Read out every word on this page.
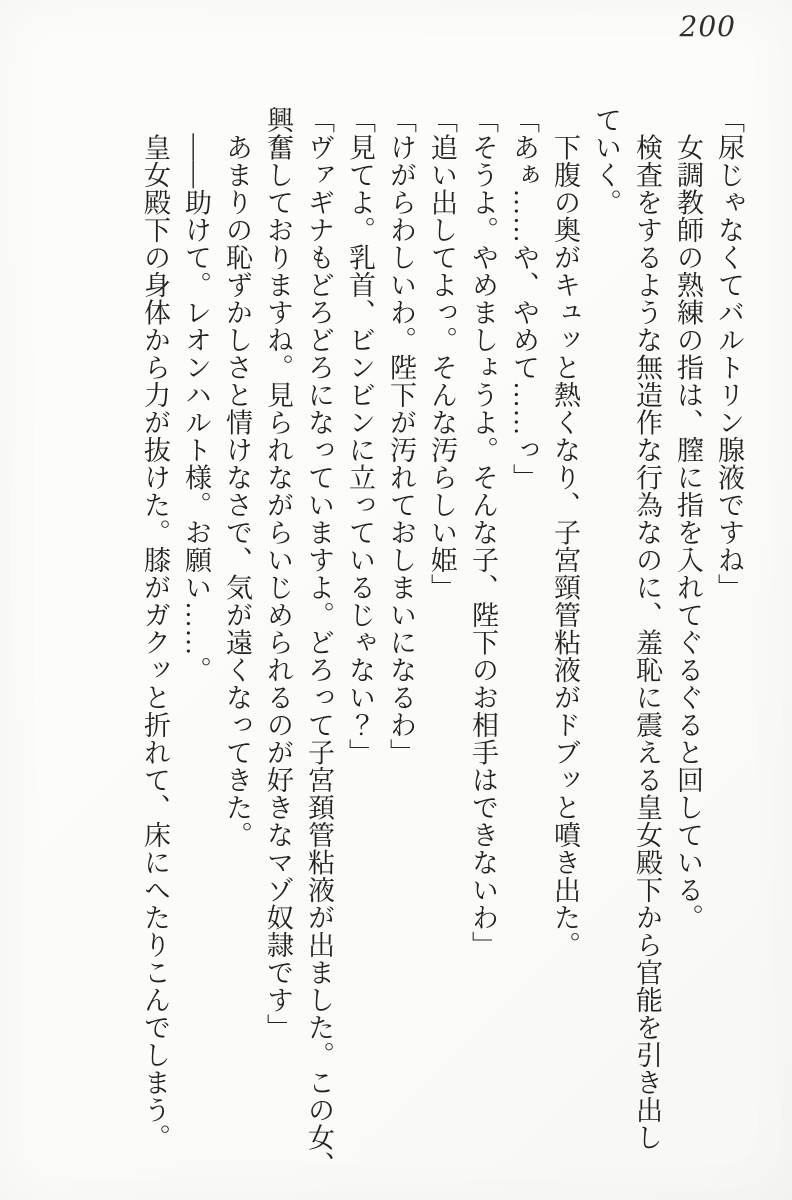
200

「尿じゃなくてバルトリン腺液ですね」

　女調教師の熟練の指は、膣に指を入れてぐるぐると回している。

　検査をするような無造作な行為なのに、羞恥に震える皇女殿下から官能を引き出し

ていく。

　下腹の奥がキュッと熱くなり、子宮頸管粘液がドブッと噴き出た。

「あぁ……や、やめて……っ」

「そうよ。やめましょうよ。そんな子、陛下のお相手はできないわ」

「追い出してよっ。そんな汚らしい姫」

「けがらわしいわ。陛下が汚れておしまいになるわ」

「見てよ。乳首、ビンビンに立っているじゃない？」

「ヴァギナもどろどろになっていますよ。どろって子宮頚管粘液が出ました。この女、

興奮しておりますね。見られながらいじめられるのが好きなマゾ奴隷です」

　あまりの恥ずかしさと情けなさで、気が遠くなってきた。

　――助けて。レオンハルト様。お願い……。

　皇女殿下の身体から力が抜けた。膝がガクッと折れて、床にへたりこんでしまう。
